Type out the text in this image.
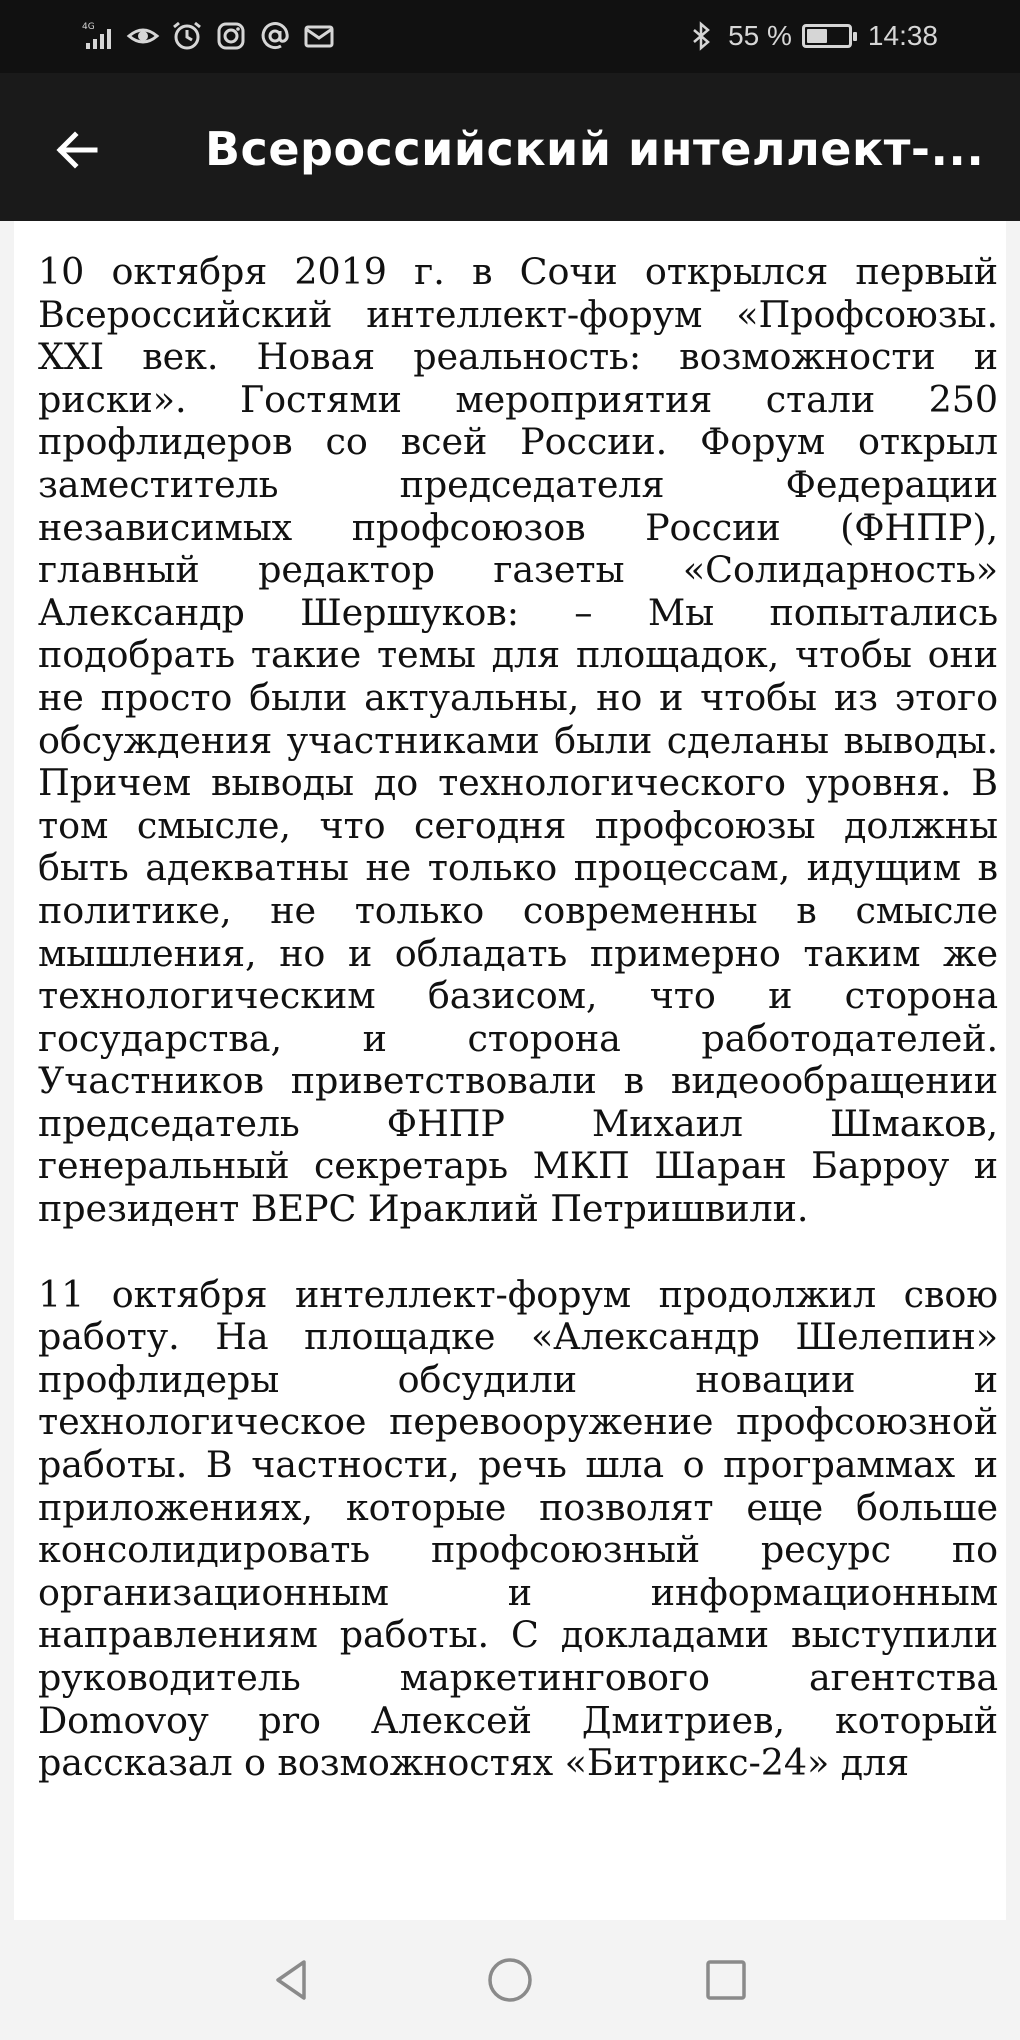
4G	55 %	14:38
Всероссийский интеллект-...

10 октября 2019 г. в Сочи открылся первый Всероссийский интеллект-форум «Профсоюзы. XXI век. Новая реальность: возможности и риски». Гостями мероприятия стали 250 профлидеров со всей России. Форум открыл заместитель председателя Федерации независимых профсоюзов России (ФНПР), главный редактор газеты «Солидарность» Александр Шершуков: – Мы попытались подобрать такие темы для площадок, чтобы они не просто были актуальны, но и чтобы из этого обсуждения участниками были сделаны выводы. Причем выводы до технологического уровня. В том смысле, что сегодня профсоюзы должны быть адекватны не только процессам, идущим в политике, не только современны в смысле мышления, но и обладать примерно таким же технологическим базисом, что и сторона государства, и сторона работодателей. Участников приветствовали в видеообращении председатель ФНПР Михаил Шмаков, генеральный секретарь МКП Шаран Барроу и президент ВЕРС Ираклий Петришвили.

11 октября интеллект-форум продолжил свою работу. На площадке «Александр Шелепин» профлидеры обсудили новации и технологическое перевооружение профсоюзной работы. В частности, речь шла о программах и приложениях, которые позволят еще больше консолидировать профсоюзный ресурс по организационным и информационным направлениям работы. С докладами выступили руководитель маркетингового агентства Domovoy pro Алексей Дмитриев, который рассказал о возможностях «Битрикс-24» для
